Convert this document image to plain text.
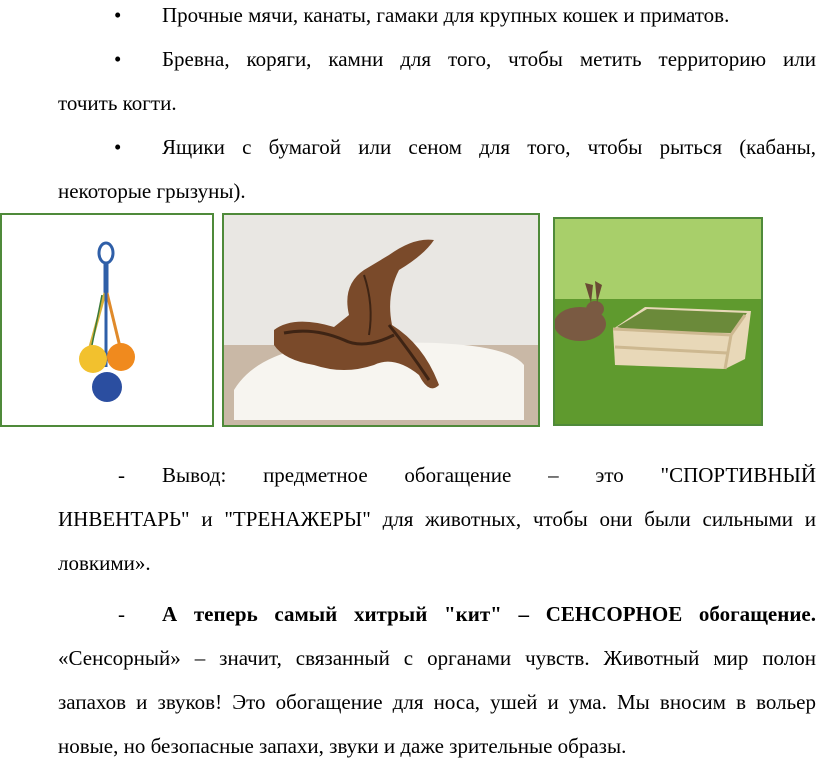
• Прочные мячи, канаты, гамаки для крупных кошек и приматов.
• Бревна, коряги, камни для того, чтобы метить территорию или
точить когти.
• Ящики с бумагой или сеном для того, чтобы рыться (кабаны,
некоторые грызуны).
- Вывод: предметное обогащение – это "СПОРТИВНЫЙ
ИНВЕНТАРЬ" и "ТРЕНАЖЕРЫ" для животных, чтобы они были сильными и
ловкими».
- А теперь самый хитрый "кит" – СЕНСОРНОЕ обогащение.
«Сенсорный» – значит, связанный с органами чувств. Животный мир полон
запахов и звуков! Это обогащение для носа, ушей и ума. Мы вносим в вольер
новые, но безопасные запахи, звуки и даже зрительные образы.
